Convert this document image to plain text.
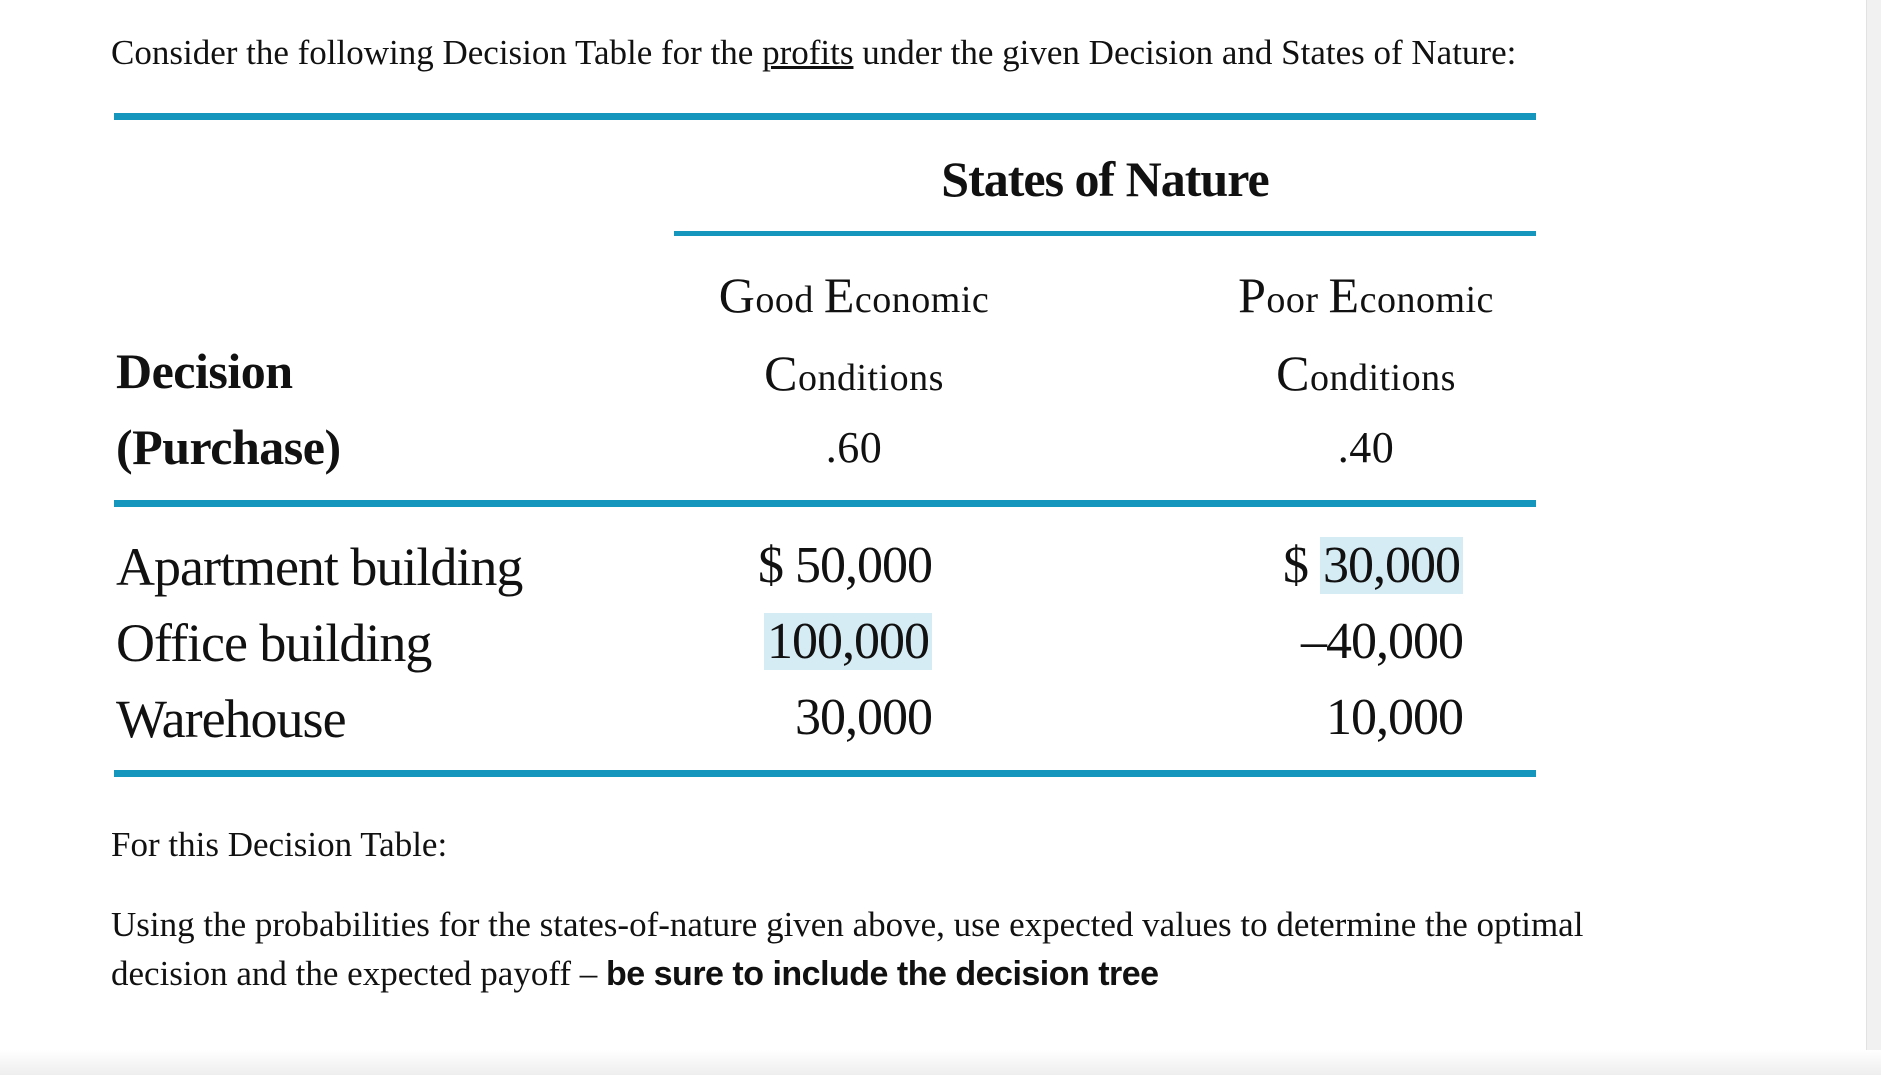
Consider the following Decision Table for the profits under the given Decision and States of Nature:
States of Nature
Good Economic
Conditions
.60
Poor Economic
Conditions
.40
Decision
(Purchase)
Apartment building
Office building
Warehouse
$ 50,000
100,000
30,000
$ 30,000
–40,000
10,000
For this Decision Table:
Using the probabilities for the states-of-nature given above, use expected values to determine the optimal
decision and the expected payoff – be sure to include the decision tree
